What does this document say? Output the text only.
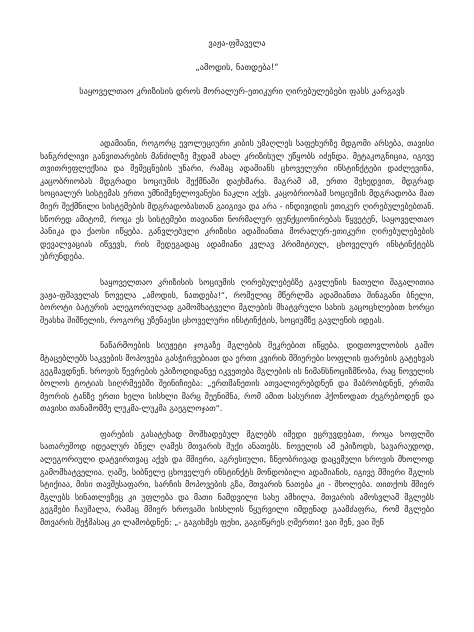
ვაჟა-ფშაველა
„ამოდის, ნათდება!“
საყოველთაო კრიზისის დროს მორალურ-ეთიკური ღირებულებები ფასს კარგავს

ადამიანი, როგორც ევოლუციური კიბის უმაღლეს საფეხურზე მდგომი არსება, თავისი ხანგრძლივი განვითარების მანძილზე მუდამ ახალ კრიზისულ უწყობს იძენდა. მეტაკოგნიცია, იგივე თვითრეფლექსია და შემეცნების უნარი, რამაც ადამიანს ცხოველური ინსტინქტები დაძლევინა, კაცობრიობას მდგრადი სოციუმის შექმნაში დაეხმარა. მაგრამ ამ, ერთი შეხედვით, მდგრად სოციალურ სისტემას ერთი უმნიშვნელოვანესი ნაკლი აქვს. კაცობრიობამ სოციუმის მდგრადობა მათ მიერ შექმნილი სისტემების მდგრადობასთან გაიგივა და არა - ინდივიდის ეთიკურ ღირებულებებთან. სწორედ ამიტომ, როცა ეს სისტემები თავიანთ ნორმალურ ფუნქციონირებას წყვეტენ, საყოველთაო პანიკა და ქაოსი იწყება. განვლებული კრიზისი ადამიანთა მორალურ-ეთიკური ღირებულებების დევალვაციას იწვევს, რის შედეგადაც ადამიანი კვლავ პრიმიტიულ, ცხოველურ ინსტინქტებს უბრუნდება.

საყოველთაო კრიზისის სოციუმის ღირებულებებზე გავლენის ნათელი მაგალითია ვაჟა-ფშაველას ნოველა „ამოდის, ნათდება!“, რომელიც მწერლმა ადამიანთა შინაგანი ბნელი, ბოროტი ბატურის ალეგორიულად გამომხატველი მგლების მხატვრული სახის გაცოცხლებით ხორცი შეასხა შიშნელის, როგორც უზენაესი ცხოველური ინსტინქტის, სოციუმზე გავლენის იდეას.

ნაწარმოების სიუჟეტი ჯოგაზე მგლების შეკრებით იწყება. დიდთოვლობის გამო მტაცებლებს საკვების მოპოვება გასჭირვებიათ და ერთი კვირის მშიერები სოფლის ფარების გატეხვას გეგმავდნენ. ხროვის წევრების ეპიზოდიდანვე იკვეთება მგლების ის ნიმანსნოციზმნობა, რაც ნოველის ბოლოს ტოტიას სიღრმეებში შეინიჩიება: „ერთმანეთის ათვალიერებდნენ და მაბრობდნენ, ერთმა მეორის ტანზე ერთი ხელი სისხლი მარც შეენიშნა, რომ ამით სასურით ჰქონოდათ ძეგრებოდენ და თავისი თანამომმე ლუკმა-ლუკმა გაეგლოჯათ“.

ფარების გასატეხად მოშხადებულ მგლებს იმედი ეცრუვდებათ, როცა სოფლში სათარეშოდ იდეალურ ბნელ ღამეს მთვარის შუქი ანათებს. ნოველის ამ ეპიზოდს, სავარაუდოდ, ალეგორიული დატვირთვაც აქვს და მშიერი, აგრესიული, ზნეობრივად დაცემული ხროვის მხოლოდ გამომხატველია. ღამე, სიბნელე ცხოველურ ინსტინქტს მონდობილი ადამიანის, იგივე მშიერი მგლის სტიქიაა, მისი თავშესაფარი, სარჩის მოპოვების გზა, მთვარის ნათება კი - შხოლება. თითქოს მშიერ მგლებს სინათლეზეც კი უფლება და მათი ნამდვილი სახე ამხილა. მთვარის ამოსვლამ მგლებს გეგმები ჩაუშალა, რამაც მშიერ ხროვაში სისხლის წყურვილი იმდენად გაამძაფრა, რომ მგლები მთვარის შეჭმასაც კი ლამობდნენ: „- გაგიხმეს ფეხი, გაგიწყრეს ღმერთი! ვაი შენ, ვაი შენ
